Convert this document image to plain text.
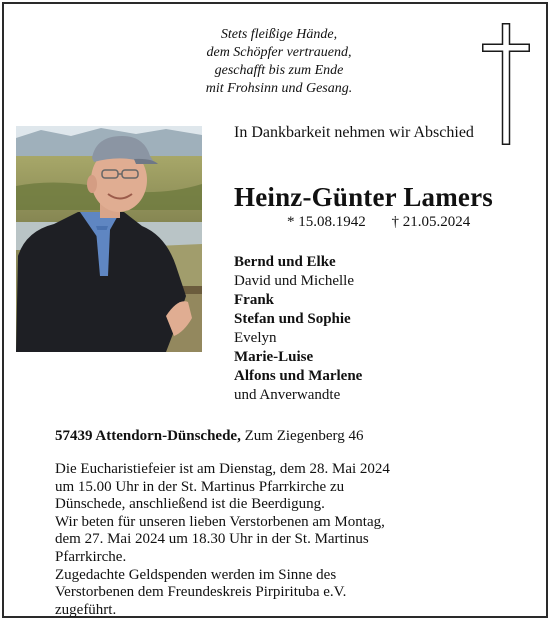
Stets fleißige Hände,
dem Schöpfer vertrauend,
geschafft bis zum Ende
mit Frohsinn und Gesang.
In Dankbarkeit nehmen wir Abschied
Heinz-Günter Lamers
* 15.08.1942 † 21.05.2024
Bernd und Elke
David und Michelle
Frank
Stefan und Sophie
Evelyn
Marie-Luise
Alfons und Marlene
und Anverwandte
57439 Attendorn-Dünschede, Zum Ziegenberg 46
Die Eucharistiefeier ist am Dienstag, dem 28. Mai 2024
um 15.00 Uhr in der St. Martinus Pfarrkirche zu
Dünschede, anschließend ist die Beerdigung.
Wir beten für unseren lieben Verstorbenen am Montag,
dem 27. Mai 2024 um 18.30 Uhr in der St. Martinus
Pfarrkirche.
Zugedachte Geldspenden werden im Sinne des
Verstorbenen dem Freundeskreis Pirpirituba e.V.
zugeführt.
